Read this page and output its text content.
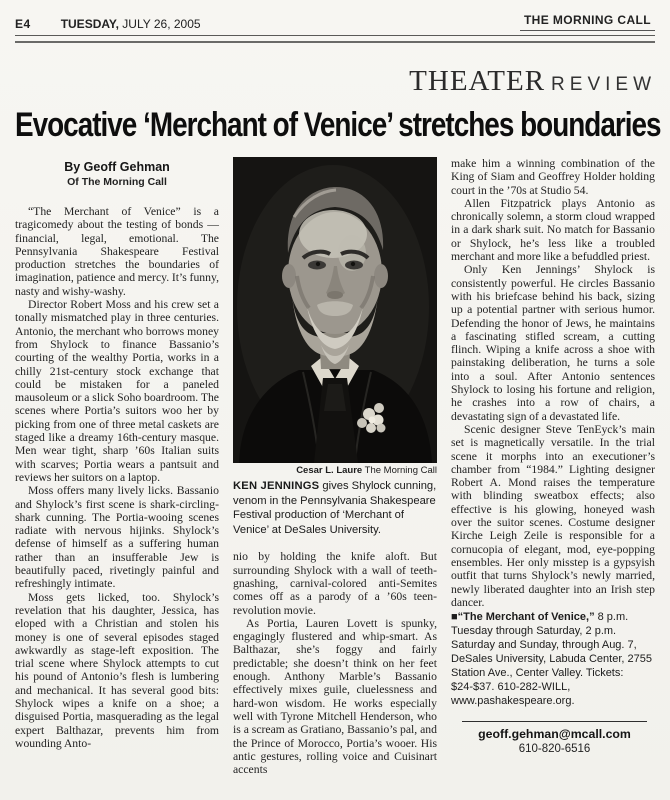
E4	TUESDAY, JULY 26, 2005	THE MORNING CALL
THEATER REVIEW
Evocative ‘Merchant of Venice’ stretches boundaries
By Geoff Gehman
Of The Morning Call

“The Merchant of Venice” is a tragicomedy about the testing of bonds — financial, legal, emotional. The Pennsylvania Shakespeare Festival production stretches the boundaries of imagination, patience and mercy. It’s funny, nasty and wishy-washy.

Director Robert Moss and his crew set a tonally mismatched play in three centuries. Antonio, the merchant who borrows money from Shylock to finance Bassanio’s courting of the wealthy Portia, works in a chilly 21st-century stock exchange that could be mistaken for a paneled mausoleum or a slick Soho boardroom. The scenes where Portia’s suitors woo her by picking from one of three metal caskets are staged like a dreamy 16th-century masque. Men wear tight, sharp ’60s Italian suits with scarves; Portia wears a pantsuit and reviews her suitors on a laptop.

Moss offers many lively licks. Bassanio and Shylock’s first scene is shark-circling-shark cunning. The Portia-wooing scenes radiate with nervous hijinks. Shylock’s defense of himself as a suffering human rather than an insufferable Jew is beautifully paced, rivetingly painful and refreshingly intimate.

Moss gets licked, too. Shylock’s revelation that his daughter, Jessica, has eloped with a Christian and stolen his money is one of several episodes staged awkwardly as stage-left exposition. The trial scene where Shylock attempts to cut his pound of Antonio’s flesh is lumbering and mechanical. It has several good bits: Shylock wipes a knife on a shoe; a disguised Portia, masquerading as the legal expert Balthazar, prevents him from wounding Anto-

Cesar L. Laure The Morning Call
KEN JENNINGS gives Shylock cunning, venom in the Pennsylvania Shakespeare Festival production of ‘Merchant of Venice’ at DeSales University.

nio by holding the knife aloft. But surrounding Shylock with a wall of teeth-gnashing, carnival-colored anti-Semites comes off as a parody of a ’60s teen-revolution movie.

As Portia, Lauren Lovett is spunky, engagingly flustered and whip-smart. As Balthazar, she’s foggy and fairly predictable; she doesn’t think on her feet enough. Anthony Marble’s Bassanio effectively mixes guile, cluelessness and hard-won wisdom. He works especially well with Tyrone Mitchell Henderson, who is a scream as Gratiano, Bassanio’s pal, and the Prince of Morocco, Portia’s wooer. His antic gestures, rolling voice and Cuisinart accents

make him a winning combination of the King of Siam and Geoffrey Holder holding court in the ’70s at Studio 54.

Allen Fitzpatrick plays Antonio as chronically solemn, a storm cloud wrapped in a dark shark suit. No match for Bassanio or Shylock, he’s less like a troubled merchant and more like a befuddled priest.

Only Ken Jennings’ Shylock is consistently powerful. He circles Bassanio with his briefcase behind his back, sizing up a potential partner with serious humor. Defending the honor of Jews, he maintains a fascinating stifled scream, a cutting flinch. Wiping a knife across a shoe with painstaking deliberation, he turns a sole into a soul. After Antonio sentences Shylock to losing his fortune and religion, he crashes into a row of chairs, a devastating sign of a devastated life.

Scenic designer Steve TenEyck’s main set is magnetically versatile. In the trial scene it morphs into an executioner’s chamber from “1984.” Lighting designer Robert A. Mond raises the temperature with blinding sweatbox effects; also effective is his glowing, honeyed wash over the suitor scenes. Costume designer Kirche Leigh Zeile is responsible for a cornucopia of elegant, mod, eye-popping ensembles. Her only misstep is a gypsyish outfit that turns Shylock’s newly married, newly liberated daughter into an Irish step dancer.

■“The Merchant of Venice,” 8 p.m. Tuesday through Saturday, 2 p.m. Saturday and Sunday, through Aug. 7, DeSales University, Labuda Center, 2755 Station Ave., Center Valley. Tickets: $24-$37. 610-282-WILL, www.pashakespeare.org.

geoff.gehman@mcall.com
610-820-6516
